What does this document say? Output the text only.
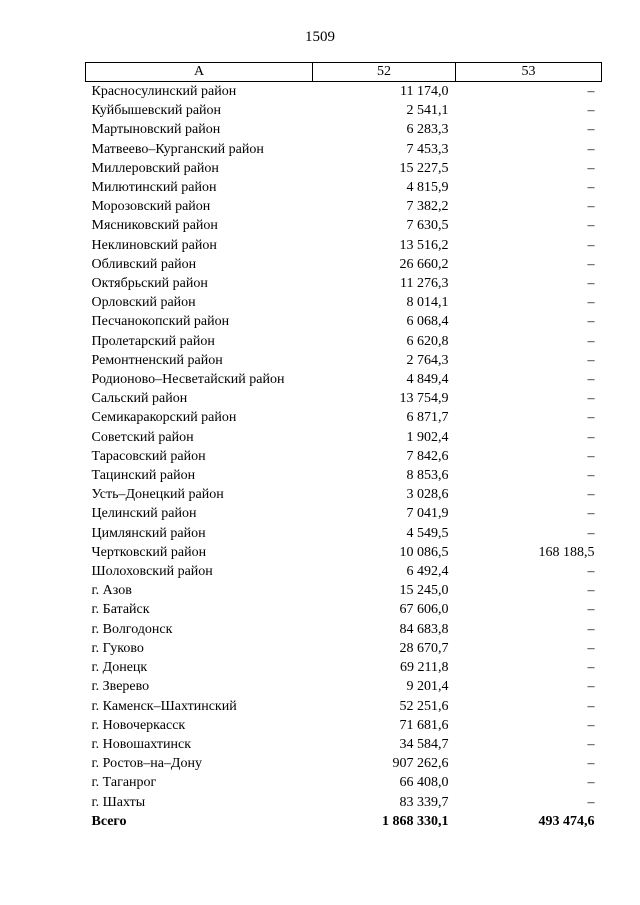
1509
A	52	53
Красносулинский район	11 174,0	–
Куйбышевский район	2 541,1	–
Мартыновский район	6 283,3	–
Матвеево–Курганский район	7 453,3	–
Миллеровский район	15 227,5	–
Милютинский район	4 815,9	–
Морозовский район	7 382,2	–
Мясниковский район	7 630,5	–
Неклиновский район	13 516,2	–
Обливский район	26 660,2	–
Октябрьский район	11 276,3	–
Орловский район	8 014,1	–
Песчанокопский район	6 068,4	–
Пролетарский район	6 620,8	–
Ремонтненский район	2 764,3	–
Родионово–Несветайский район	4 849,4	–
Сальский район	13 754,9	–
Семикаракорский район	6 871,7	–
Советский район	1 902,4	–
Тарасовский район	7 842,6	–
Тацинский район	8 853,6	–
Усть–Донецкий район	3 028,6	–
Целинский район	7 041,9	–
Цимлянский район	4 549,5	–
Чертковский район	10 086,5	168 188,5
Шолоховский район	6 492,4	–
г. Азов	15 245,0	–
г. Батайск	67 606,0	–
г. Волгодонск	84 683,8	–
г. Гуково	28 670,7	–
г. Донецк	69 211,8	–
г. Зверево	9 201,4	–
г. Каменск–Шахтинский	52 251,6	–
г. Новочеркасск	71 681,6	–
г. Новошахтинск	34 584,7	–
г. Ростов–на–Дону	907 262,6	–
г. Таганрог	66 408,0	–
г. Шахты	83 339,7	–
Всего	1 868 330,1	493 474,6
